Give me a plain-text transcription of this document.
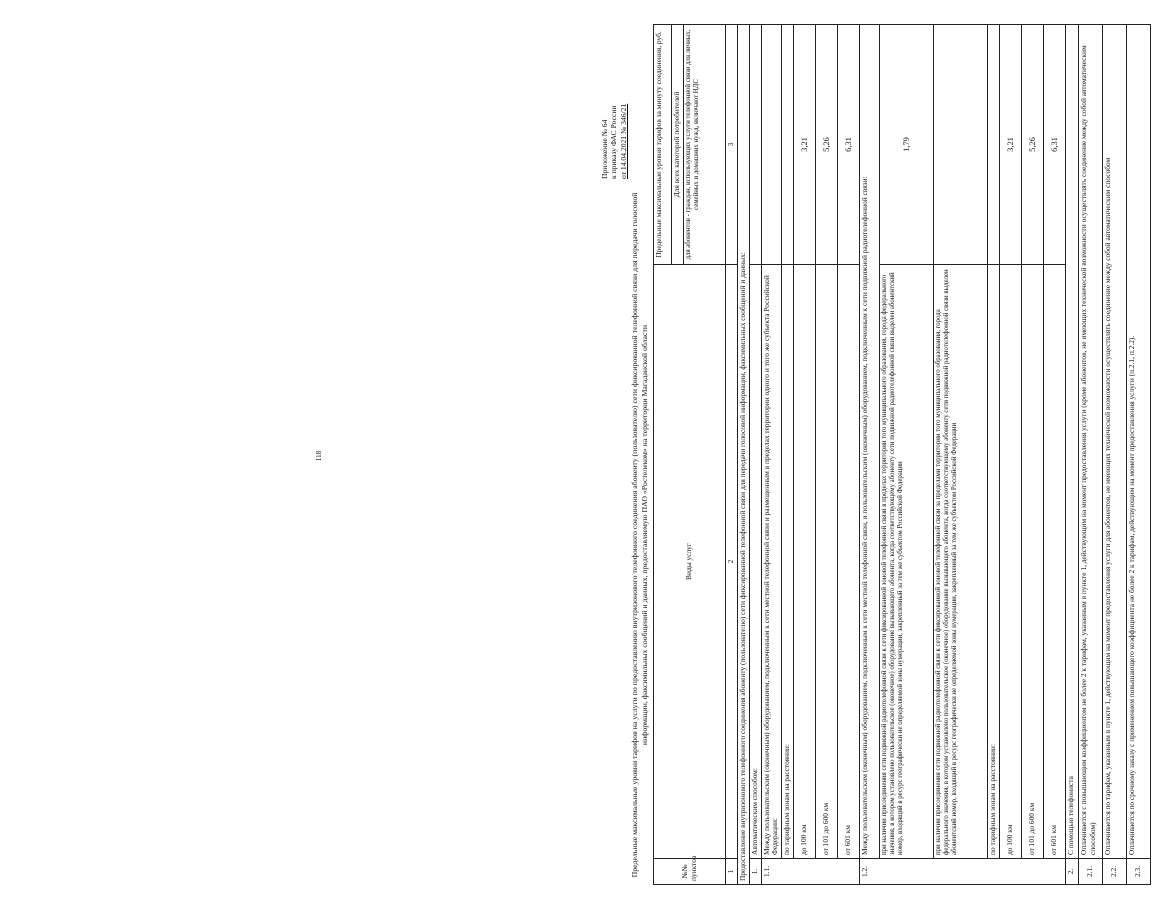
118
Приложение № 64 к приказу ФАС России от 14.04.2021 № 346/21
Предельные максимальные уровни тарифов на услуги по предоставлению внутризонового телефонного соединения абоненту (пользователю) сети фиксированной телефонной связи для передачи голосовой информации, факсимильных сообщений и данных, предоставляемую ПАО «Ростелеком» на территории Магаданской области
№№ пунктов	Виды услуг	Предельные максимальные уровни тарифов за минуту соединения, руб.
		Для всех категорий потребителей
		для абонентов - граждан, использующих услуги телефонной связи для личных, семейных и домашних нужд, включают НДС
1	2	3
Предоставление внутризонового телефонного соединения абоненту (пользователю) сети фиксированной телефонной связи для передачи голосовой информации, факсимильных сообщений и данных:		
1.	Автоматическим способом:	
1.1.	Между пользовательским (оконечным) оборудованием, подключенным к сети местной телефонной связи и размещенным в пределах территории одного и того же субъекта Российской Федерации:	
	по тарифным зонам на расстоянии:	
	до 100 км	3,21
	от 101 до 600 км	5,26
	от 601 км	6,31
1.2.	Между пользовательским (оконечным) оборудованием, подключенным к сети местной телефонной связи, и пользовательским (оконечным) оборудованием, подключенным к сети подвижной радиотелефонной связи:	
	при наличии присоединения сети подвижной радиотелефонной связи к сети фиксированной зоновой телефонной связи в пределах территории того муниципального образования, города федерального значения, в котором установлено пользовательское (оконечное) оборудование вызывающего абонента, когда соответствующему абоненту сети подвижной радиотелефонной связи выделен абонентский номер, входящий в ресурс географически не определяемой зоны нумерации, закрепленный за тем же субъектом Российской Федерации	1,79
	при наличии присоединения сети подвижной радиотелефонной связи к сети фиксированной зоновой телефонной связи за пределами территории того муниципального образования, города федерального значения, в котором установлено пользовательское (оконечное) оборудование вызывающего абонента, когда соответствующему абоненту сети подвижной радиотелефонной связи выделен абонентский номер, входящий в ресурс географически не определяемой зоны нумерации, закрепленный за тем же субъектом Российской Федерации	
	по тарифным зонам на расстоянии:	
	до 100 км	3,21
	от 101 до 600 км	5,26
	от 601 км	6,31
2.	С помощью телефониста	
2.1.	Оплачивается с повышающим коэффициентом не более 2 к тарифам, указанным в пункте 1, действующим на момент предоставления услуги (кроме абонентов, не имеющих технической возможности осуществлять соединение между собой автоматическим способом)	
2.2.	Оплачивается по тарифам, указанным в пункте 1, действующим на момент предоставления услуги для абонентов, не имеющих технической возможности осуществлять соединение между собой автоматическим способом	
2.3.	Оплачивается по срочному заказу с применением повышающего коэффициента не более 2 к тарифам, действующим на момент предоставления услуги (п.2.1, п.2.2).	
